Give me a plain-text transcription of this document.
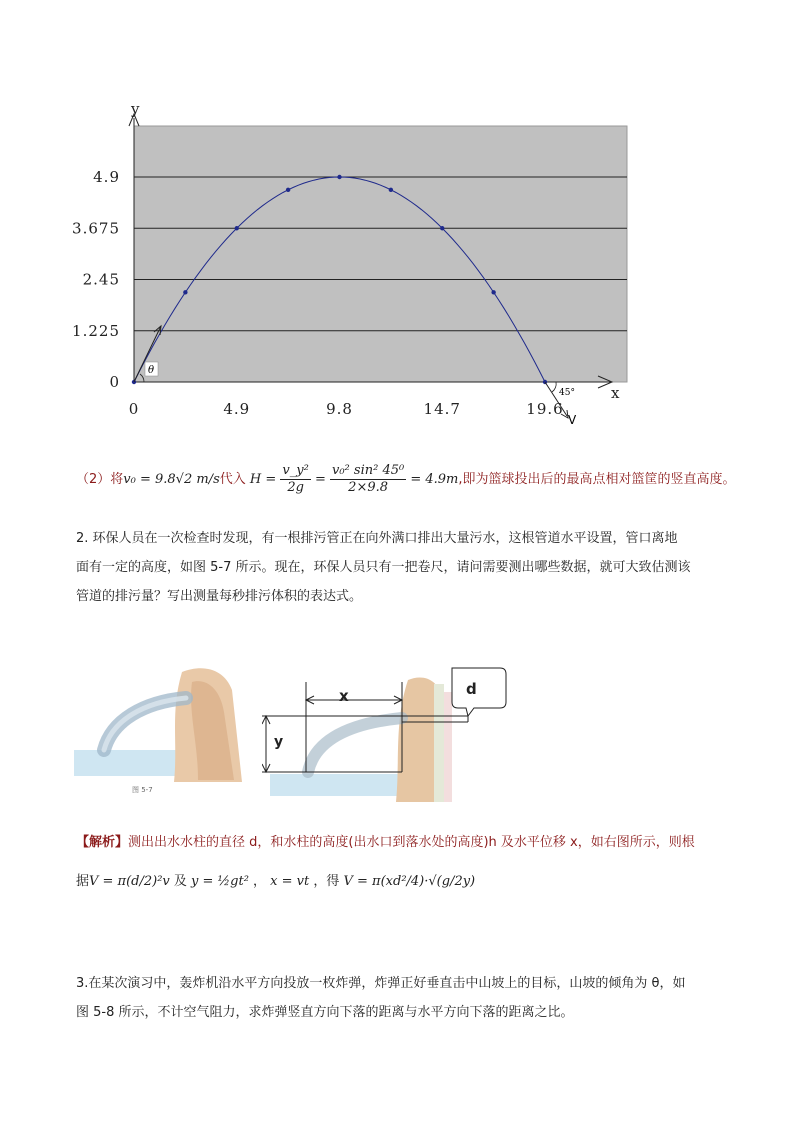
y
x
0
1.225
2.45
3.675
4.9
0	4.9	9.8	14.7	19.6
θ
45°
V
（2）将v₀ = 9.8√2 m/s代入 $H = \frac{\text{v\_y²}}{2g} = \frac{\text{v₀² sin² 45⁰}}{2\times 9.8} = 4.9m$,即为篮球投出后的最高点相对篮筐的竖直高度。
2. 环保人员在一次检查时发现，有一根排污管正在向外满口排出大量污水，这根管道水平设置，管口离地
面有一定的高度，如图 5-7 所示。现在，环保人员只有一把卷尺，请问需要测出哪些数据，就可大致估测该
管道的排污量？写出测量每秒排污体积的表达式。
图 5-7
x
y
d
【解析】测出出水水柱的直径 d，和水柱的高度(出水口到落水处的高度)h 及水平位移 x，如右图所示，则根
据V = π(d/2)²v 及 y = ½gt² ， x = vt ，得 V = π(xd²/4)·√(g/2y)
3.在某次演习中，轰炸机沿水平方向投放一枚炸弹，炸弹正好垂直击中山坡上的目标，山坡的倾角为 θ，如
图 5-8 所示，不计空气阻力，求炸弹竖直方向下落的距离与水平方向下落的距离之比。
